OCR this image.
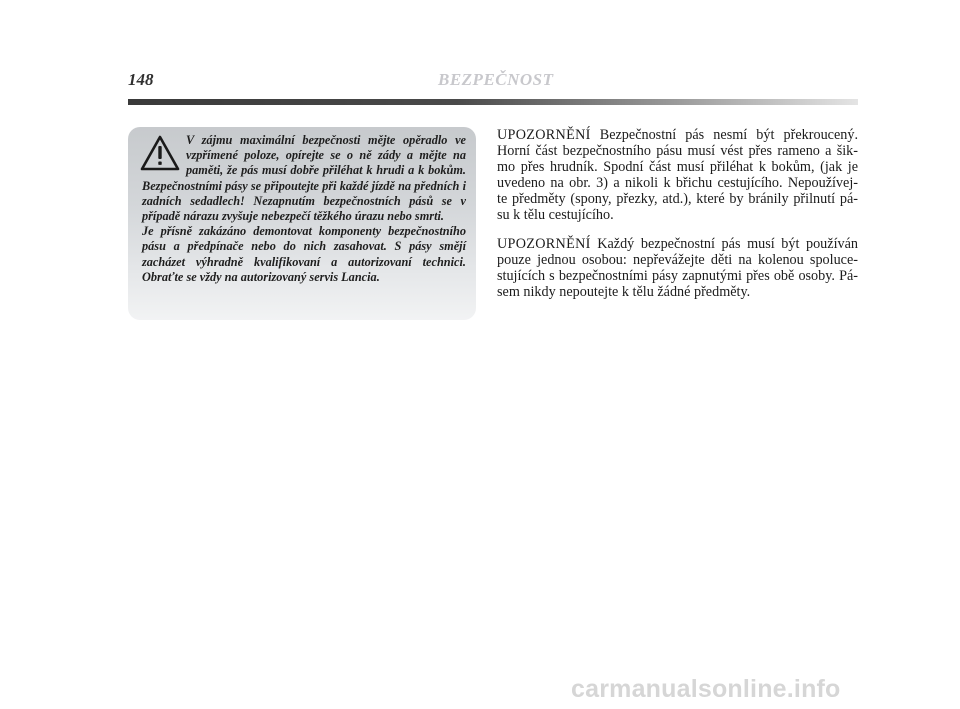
148	BEZPEČNOST

V zájmu maximální bezpečnosti mějte opěradlo ve vzpřímené poloze, opírejte se o ně zády a mějte na paměti, že pás musí dobře přiléhat k hrudi a k bokům. Bezpečnostními pásy se připoutejte při každé jízdě na předních i zadních sedadlech! Nezapnutím bezpečnostních pásů se v případě nárazu zvyšuje nebezpečí těžkého úrazu nebo smrti.

Je přísně zakázáno demontovat komponenty bezpečnostního pásu a předpínače nebo do nich zasahovat. S pásy smějí zacházet výhradně kvalifikovaní a autorizovaní technici. Obraťte se vždy na autorizovaný servis Lancia.

UPOZORNĚNÍ Bezpečnostní pás nesmí být překroucený.
Horní část bezpečnostního pásu musí vést přes rameno a šik-
mo přes hrudník. Spodní část musí přiléhat k bokům, (jak je
uvedeno na obr. 3) a nikoli k břichu cestujícího. Nepoužívej-
te předměty (spony, přezky, atd.), které by bránily přilnutí pá-
su k tělu cestujícího.

UPOZORNĚNÍ Každý bezpečnostní pás musí být používán
pouze jednou osobou: nepřevážejte děti na kolenou spoluce-
stujících s bezpečnostními pásy zapnutými přes obě osoby. Pá-
sem nikdy nepoutejte k tělu žádné předměty.

carmanualsonline.info
